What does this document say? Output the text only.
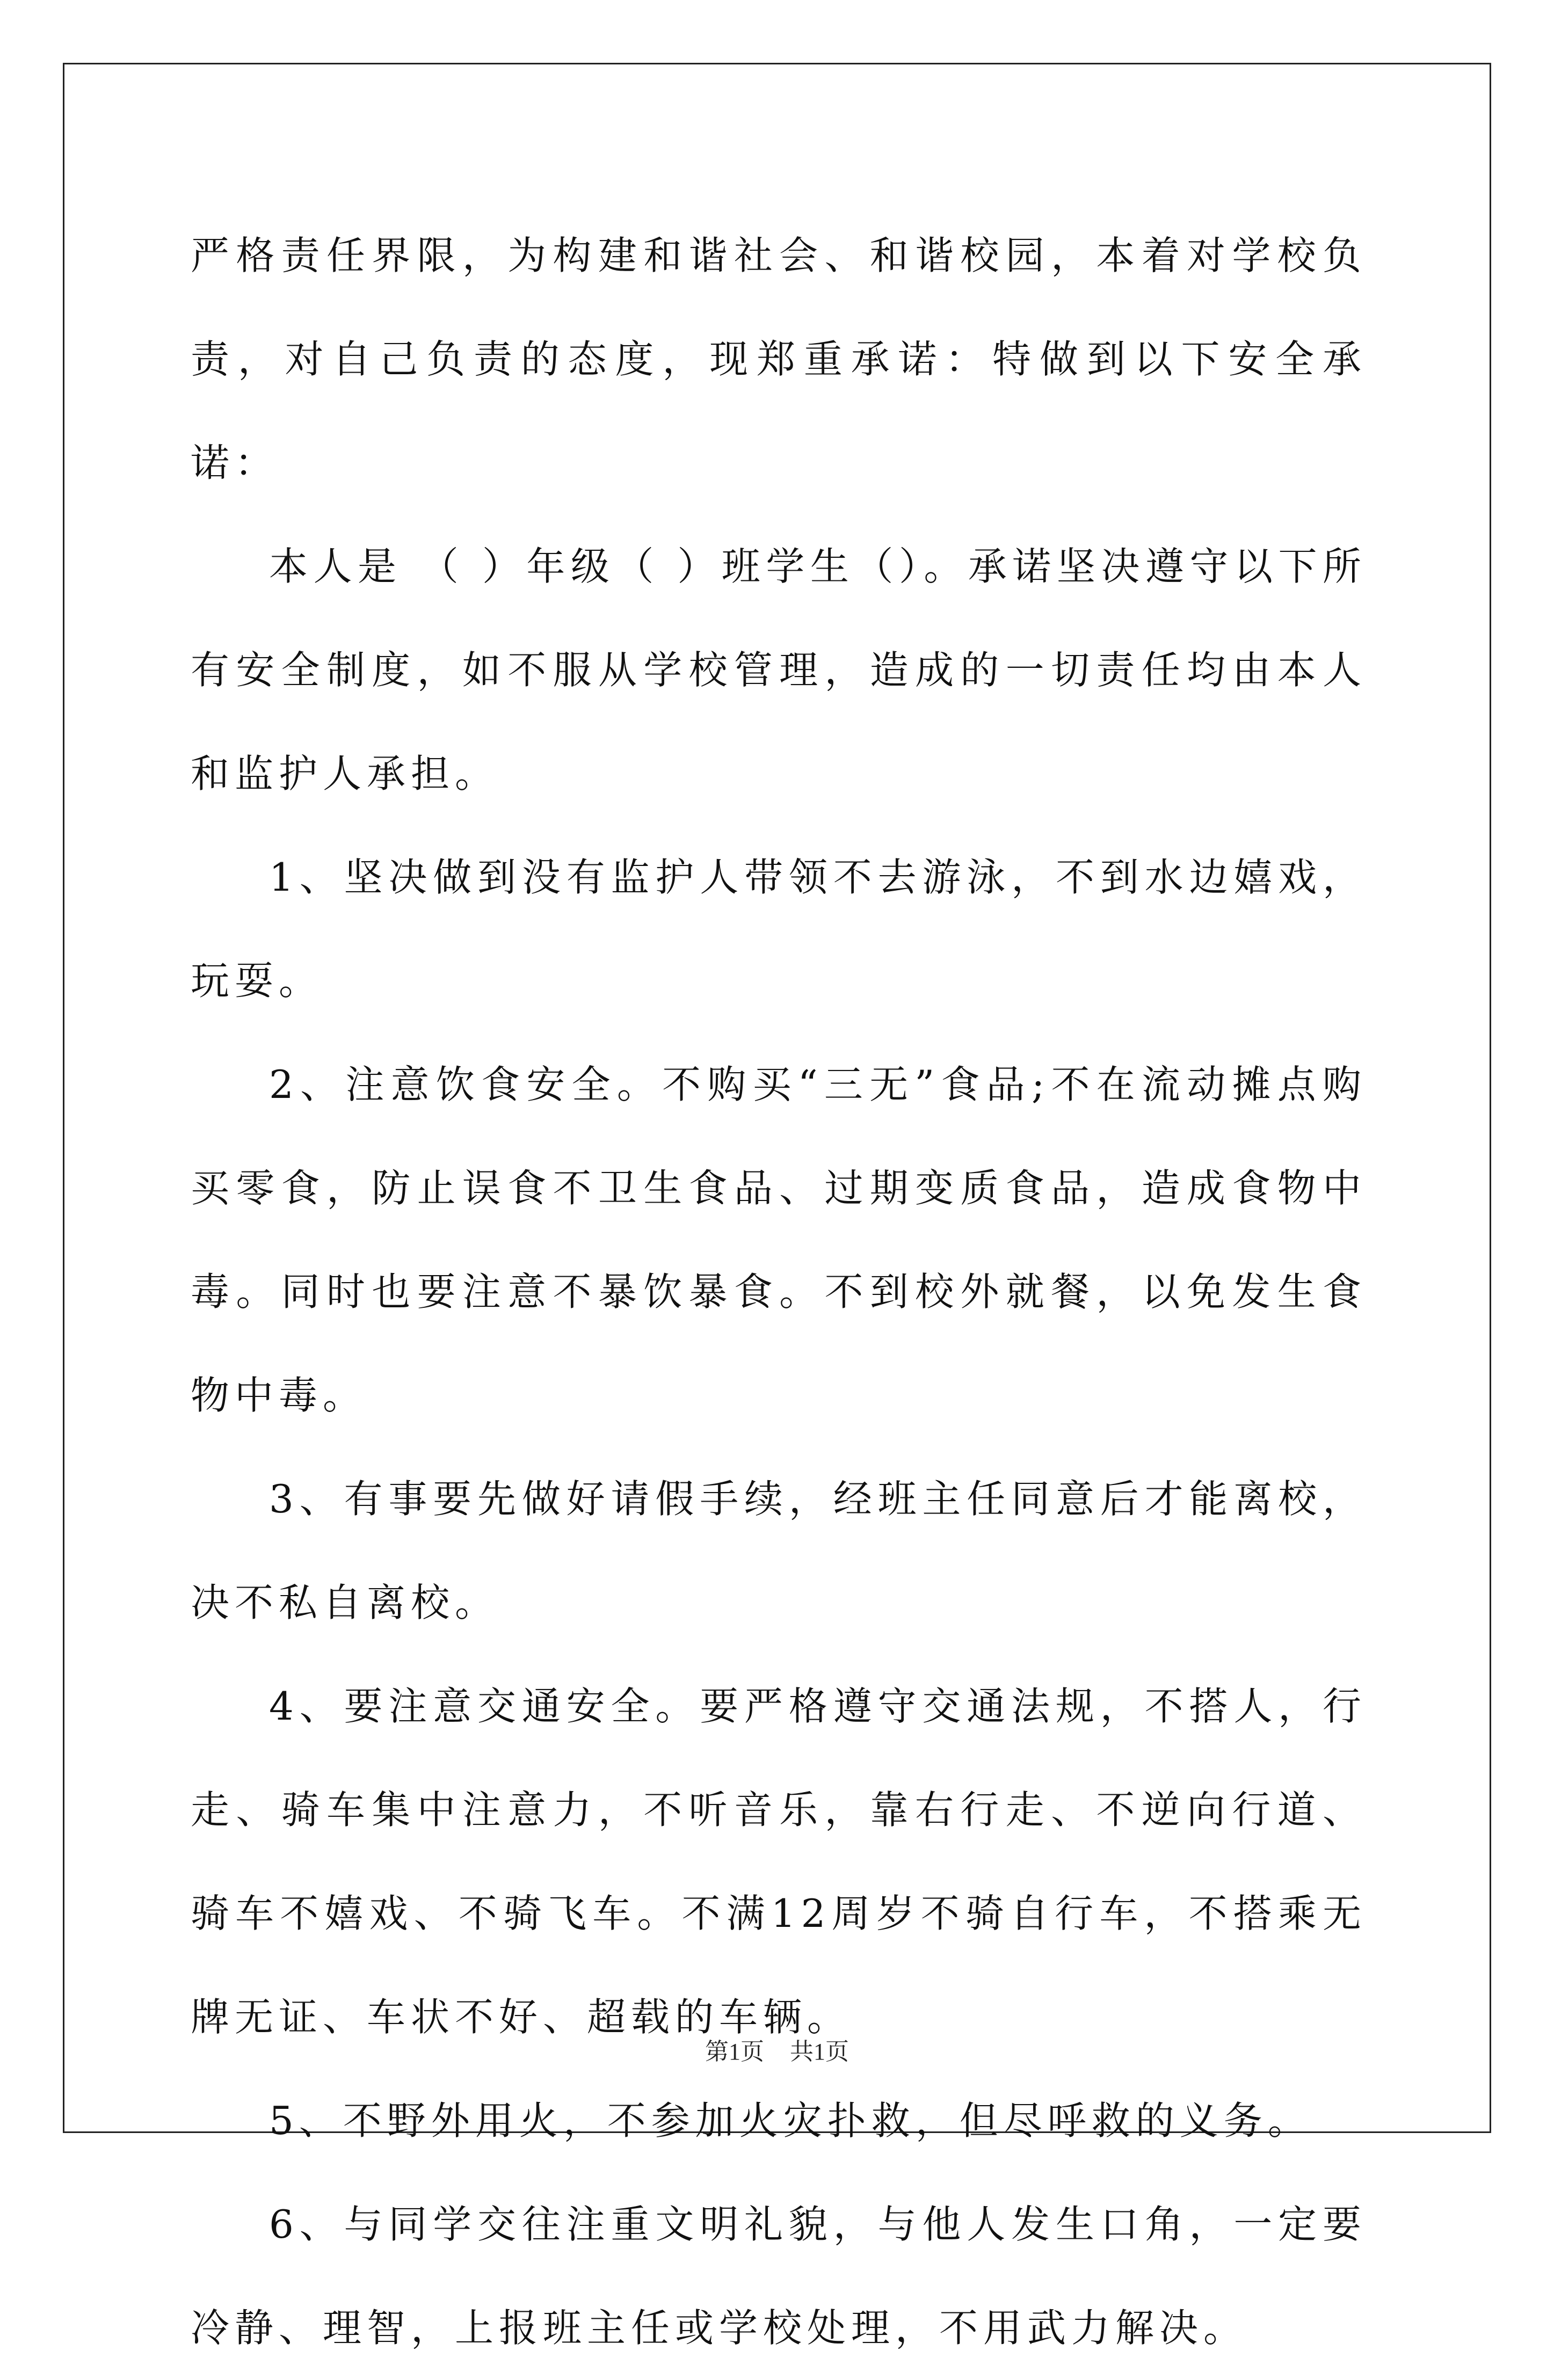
严格责任界限，为构建和谐社会、和谐校园，本着对学校负责，对自己负责的态度，现郑重承诺：特做到以下安全承诺：

本人是 （ ）年级（ ）班学生（）。承诺坚决遵守以下所有安全制度，如不服从学校管理，造成的一切责任均由本人和监护人承担。

1、坚决做到没有监护人带领不去游泳，不到水边嬉戏，玩耍。

2、注意饮食安全。不购买“三无”食品;不在流动摊点购买零食，防止误食不卫生食品、过期变质食品，造成食物中毒。同时也要注意不暴饮暴食。不到校外就餐，以免发生食物中毒。

3、有事要先做好请假手续，经班主任同意后才能离校，决不私自离校。

4、要注意交通安全。要严格遵守交通法规，不搭人，行走、骑车集中注意力，不听音乐，靠右行走、不逆向行道、骑车不嬉戏、不骑飞车。不满12周岁不骑自行车，不搭乘无牌无证、车状不好、超载的车辆。

5、不野外用火，不参加火灾扑救，但尽呼救的义务。

6、与同学交往注重文明礼貌，与他人发生口角，一定要冷静、理智，上报班主任或学校处理，不用武力解决。

第1页 共1页
